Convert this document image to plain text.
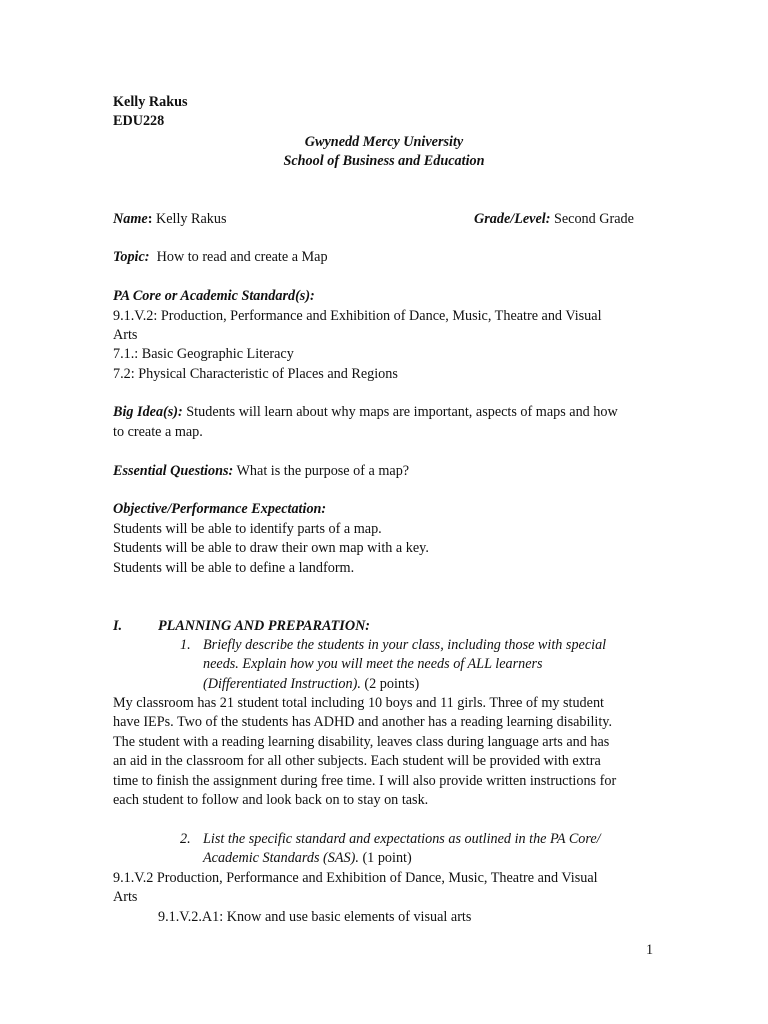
Kelly Rakus
EDU228
Gwynedd Mercy University
School of Business and Education
Name: Kelly Rakus	Grade/Level: Second Grade
Topic: How to read and create a Map
PA Core or Academic Standard(s):
9.1.V.2: Production, Performance and Exhibition of Dance, Music, Theatre and Visual
Arts
7.1.: Basic Geographic Literacy
7.2: Physical Characteristic of Places and Regions
Big Idea(s): Students will learn about why maps are important, aspects of maps and how
to create a map.
Essential Questions: What is the purpose of a map?
Objective/Performance Expectation:
Students will be able to identify parts of a map.
Students will be able to draw their own map with a key.
Students will be able to define a landform.
I.	PLANNING AND PREPARATION:
1. Briefly describe the students in your class, including those with special
needs. Explain how you will meet the needs of ALL learners
(Differentiated Instruction). (2 points)
My classroom has 21 student total including 10 boys and 11 girls. Three of my student
have IEPs. Two of the students has ADHD and another has a reading learning disability.
The student with a reading learning disability, leaves class during language arts and has
an aid in the classroom for all other subjects. Each student will be provided with extra
time to finish the assignment during free time. I will also provide written instructions for
each student to follow and look back on to stay on task.
2. List the specific standard and expectations as outlined in the PA Core/
Academic Standards (SAS). (1 point)
9.1.V.2 Production, Performance and Exhibition of Dance, Music, Theatre and Visual
Arts
9.1.V.2.A1: Know and use basic elements of visual arts
1
